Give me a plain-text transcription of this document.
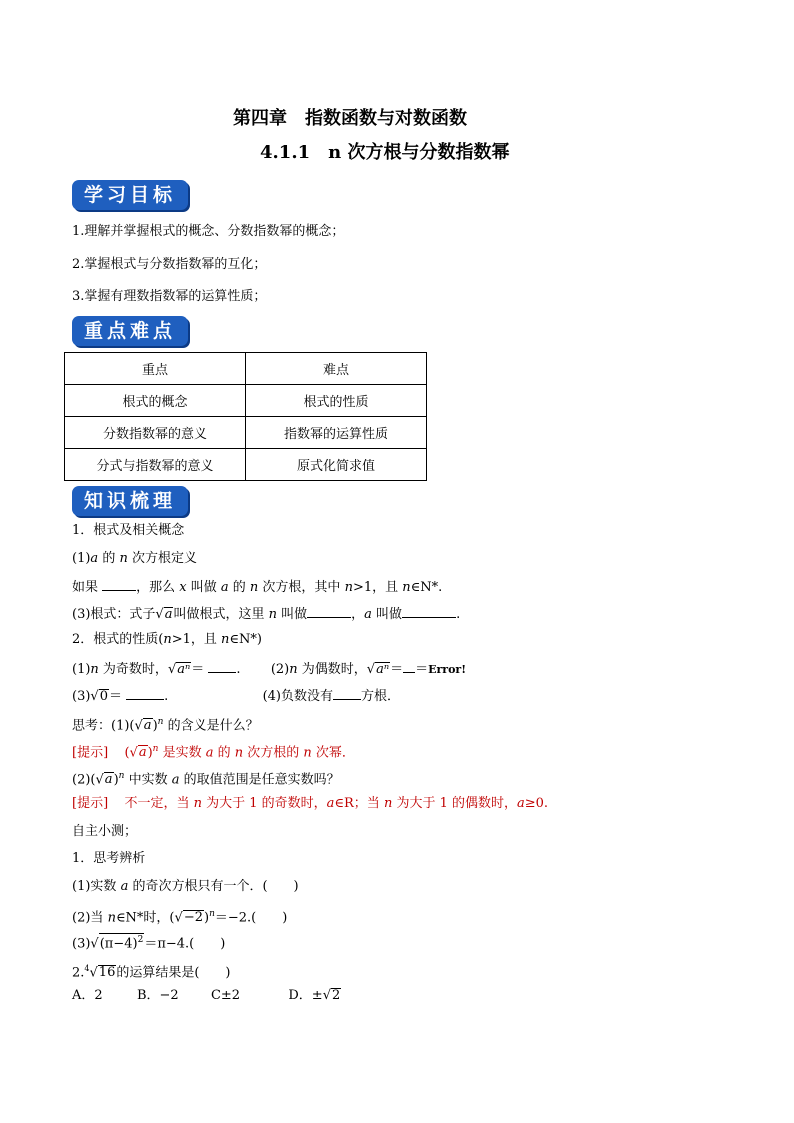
第四章　指数函数与对数函数
4.1.1　n 次方根与分数指数幂
学习目标
1.理解并掌握根式的概念、分数指数幂的概念；
2.掌握根式与分数指数幂的互化；
3.掌握有理数指数幂的运算性质；
重点难点
重点	难点
根式的概念	根式的性质
分数指数幂的意义	指数幂的运算性质
分式与指数幂的意义	原式化简求值
知识梳理
1．根式及相关概念
(1)a 的 n 次方根定义
如果	，那么 x 叫做 a 的 n 次方根，其中 n>1，且 n∈N*.
(3)根式：式子√a叫做根式，这里 n 叫做	，a 叫做	.
2．根式的性质(n>1，且 n∈N*)
(1)n 为奇数时，√aⁿ＝ . (2)n 为偶数时，√aⁿ＝ ＝Error!
(3)√0＝	.	(4)负数没有 方根．
思考：$(1)(√a)^n$ 的含义是什么？
[提示] $(√a)^n$ 是实数 a 的 n 次方根的 n 次幂．
$(2)(√a)^n$ 中实数 a 的取值范围是任意实数吗？
[提示] 不一定，当 n 为大于 1 的奇数时，a∈R；当 n 为大于 1 的偶数时，a≥0.
自主小测；
1．思考辨析
(1)实数 a 的奇次方根只有一个．(　　)
(2)当 n∈N*时，$(√-2)^n=-2$.(　　)
$(3)√(\pi-4)^2=\pi-4$.(　　)
2.$^4$√16的运算结果是(　　)
A．2	B．−2 C±2	D．±√2
